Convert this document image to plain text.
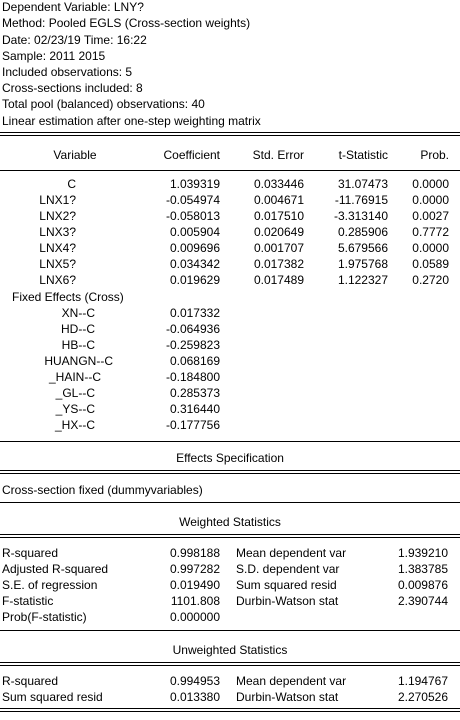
Dependent Variable: LNY?
Method: Pooled EGLS (Cross-section weights)
Date: 02/23/19 Time: 16:22
Sample: 2011 2015
Included observations: 5
Cross-sections included: 8
Total pool (balanced) observations: 40
Linear estimation after one-step weighting matrix
Variable	Coefficient	Std. Error	t-Statistic	Prob.
C	1.039319	0.033446	31.07473	0.0000
LNX1?	-0.054974	0.004671	-11.76915	0.0000
LNX2?	-0.058013	0.017510	-3.313140	0.0027
LNX3?	0.005904	0.020649	0.285906	0.7772
LNX4?	0.009696	0.001707	5.679566	0.0000
LNX5?	0.034342	0.017382	1.975768	0.0589
LNX6?	0.019629	0.017489	1.122327	0.2720
Fixed Effects (Cross)
XN--C	0.017332
HD--C	-0.064936
HB--C	-0.259823
HUANGN--C	0.068169
_HAIN--C	-0.184800
_GL--C	0.285373
_YS--C	0.316440
_HX--C	-0.177756
Effects Specification
Cross-section fixed (dummyvariables)
Weighted Statistics
R-squared	0.998188 Mean dependent var	1.939210
Adjusted R-squared	0.997282 S.D. dependent var	1.383785
S.E. of regression	0.019490 Sum squared resid	0.009876
F-statistic	1101.808 Durbin-Watson stat	2.390744
Prob(F-statistic)	0.000000
Unweighted Statistics
R-squared	0.994953 Mean dependent var	1.194767
Sum squared resid	0.013380 Durbin-Watson stat	2.270526
